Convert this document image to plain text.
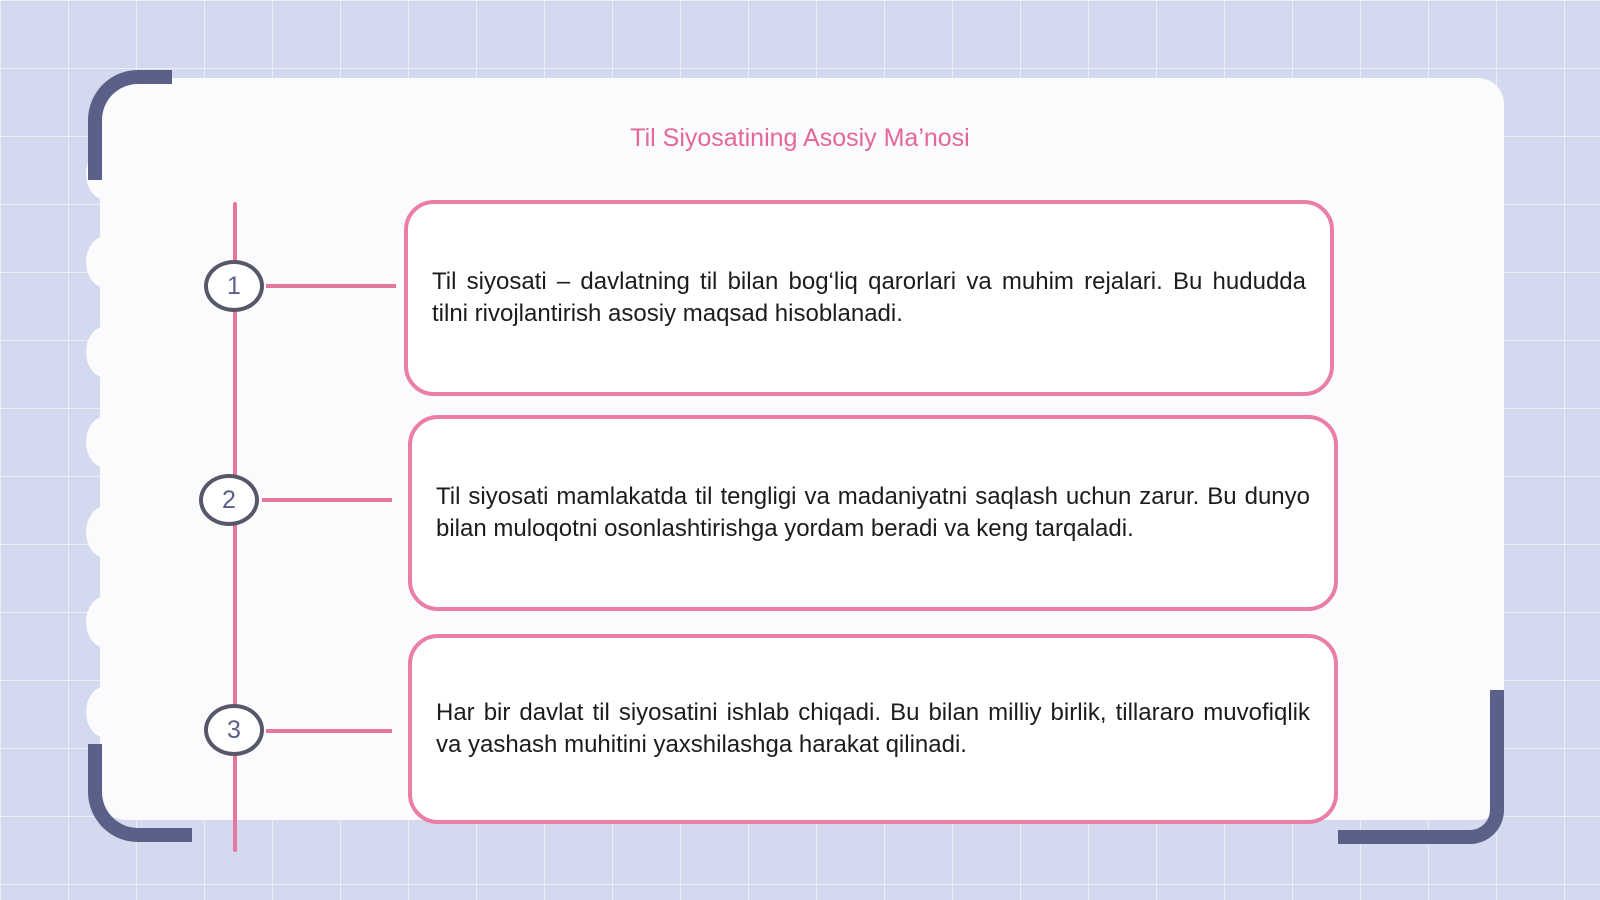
Til Siyosatining Asosiy Ma’nosi
1
2
3
Til siyosati – davlatning til bilan bog‘liq qarorlari va muhim rejalari. Bu hududda tilni rivojlantirish asosiy maqsad hisoblanadi.
Til siyosati mamlakatda til tengligi va madaniyatni saqlash uchun zarur. Bu dunyo bilan muloqotni osonlashtirishga yordam beradi va keng tarqaladi.
Har bir davlat til siyosatini ishlab chiqadi. Bu bilan milliy birlik, tillararo muvofiqlik va yashash muhitini yaxshilashga harakat qilinadi.
